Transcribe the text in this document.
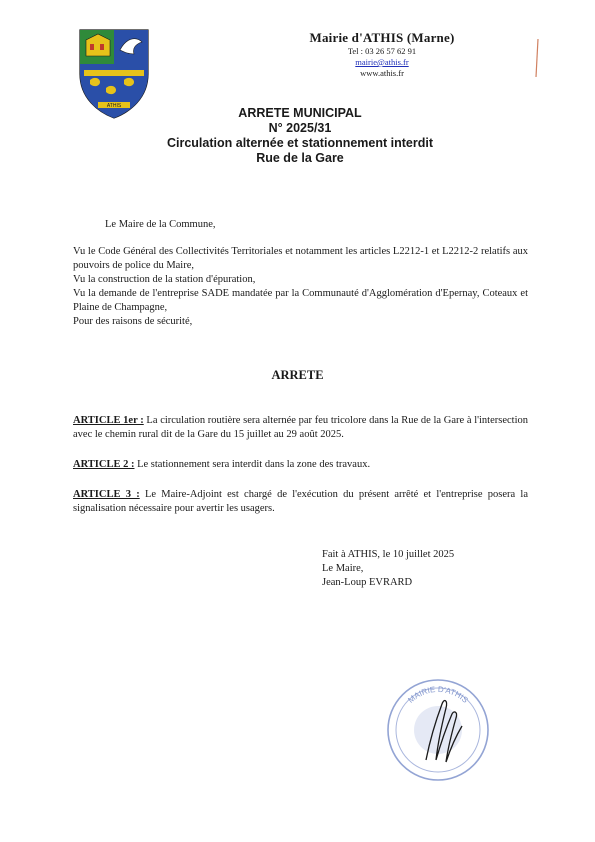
ATHIS
Mairie d'ATHIS (Marne)
Tel : 03 26 57 62 91
mairie@athis.fr
www.athis.fr
ARRETE MUNICIPAL
N° 2025/31
Circulation alternée et stationnement interdit
Rue de la Gare
Le Maire de la Commune,
Vu le Code Général des Collectivités Territoriales et notamment les articles L2212-1 et L2212-2 relatifs aux pouvoirs de police du Maire,
Vu la construction de la station d'épuration,
Vu la demande de l'entreprise SADE mandatée par la Communauté d'Agglomération d'Epernay, Coteaux et Plaine de Champagne,
Pour des raisons de sécurité,
ARRETE
ARTICLE 1er : La circulation routière sera alternée par feu tricolore dans la Rue de la Gare à l'intersection avec le chemin rural dit de la Gare du 15 juillet au 29 août 2025.
ARTICLE 2 : Le stationnement sera interdit dans la zone des travaux.
ARTICLE 3 : Le Maire-Adjoint est chargé de l'exécution du présent arrêté et l'entreprise posera la signalisation nécessaire pour avertir les usagers.
Fait à ATHIS, le 10 juillet 2025
Le Maire,
Jean-Loup EVRARD
MAIRIE D'ATHIS
